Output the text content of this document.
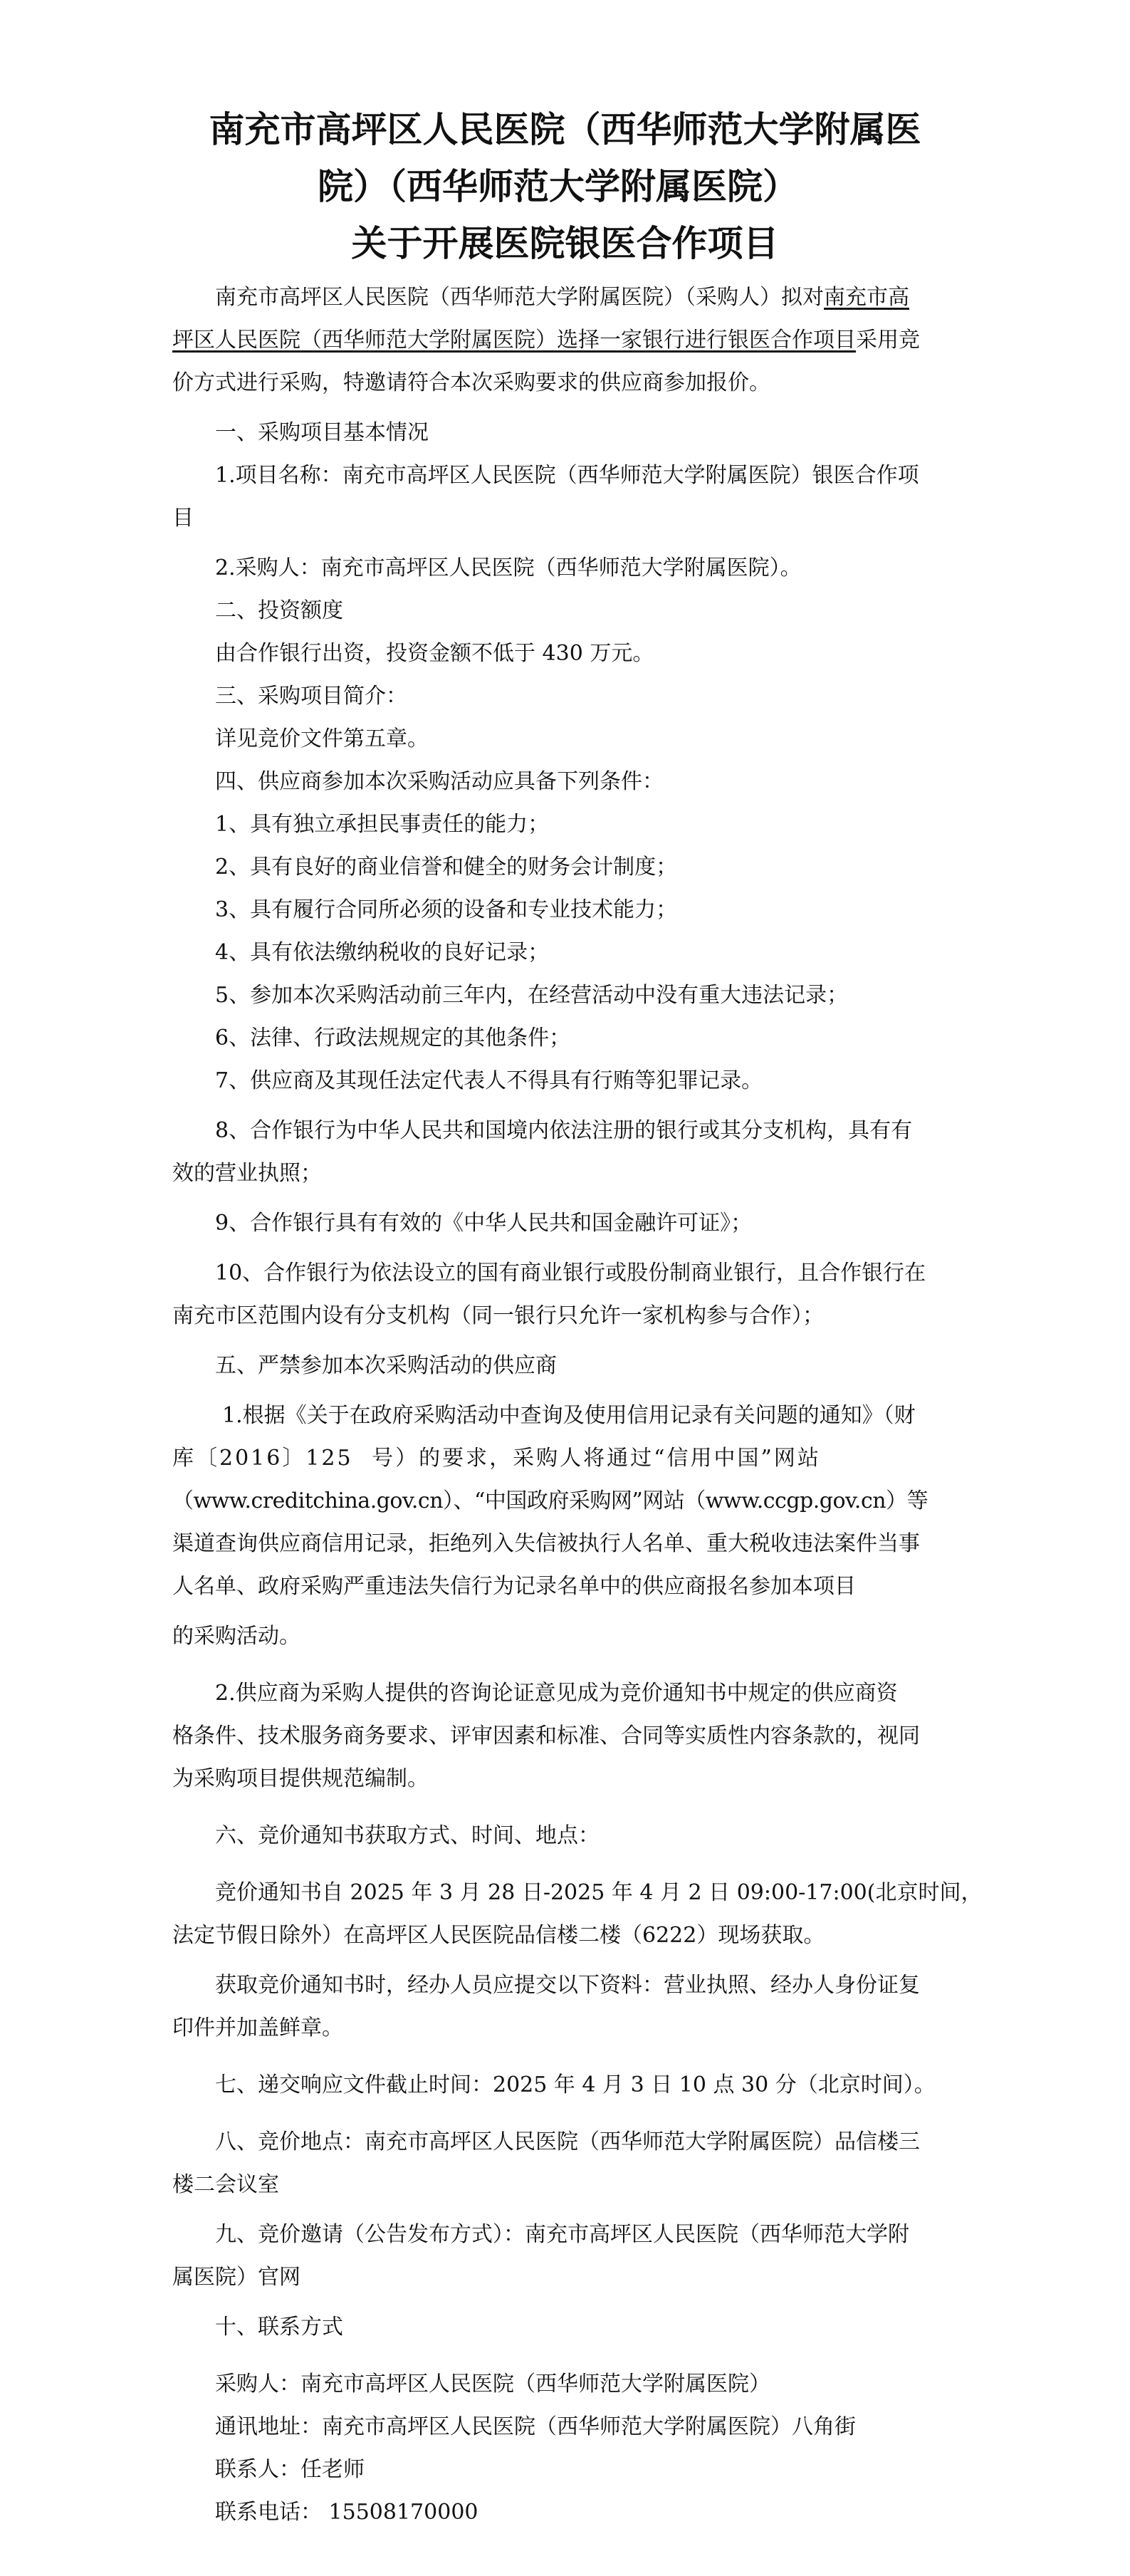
南充市高坪区人民医院（西华师范大学附属医
院）（西华师范大学附属医院）
关于开展医院银医合作项目

南充市高坪区人民医院（西华师范大学附属医院）（采购人）拟对南充市高

坪区人民医院（西华师范大学附属医院）选择一家银行进行银医合作项目采用竞

价方式进行采购，特邀请符合本次采购要求的供应商参加报价。

一、采购项目基本情况

1.项目名称：南充市高坪区人民医院（西华师范大学附属医院）银医合作项

目

2.采购人：南充市高坪区人民医院（西华师范大学附属医院）。

二、投资额度

由合作银行出资，投资金额不低于 430 万元。

三、采购项目简介：

详见竞价文件第五章。

四、供应商参加本次采购活动应具备下列条件：

1、具有独立承担民事责任的能力；

2、具有良好的商业信誉和健全的财务会计制度；

3、具有履行合同所必须的设备和专业技术能力；

4、具有依法缴纳税收的良好记录；

5、参加本次采购活动前三年内，在经营活动中没有重大违法记录；

6、法律、行政法规规定的其他条件；

7、供应商及其现任法定代表人不得具有行贿等犯罪记录。

8、合作银行为中华人民共和国境内依法注册的银行或其分支机构，具有有

效的营业执照；

9、合作银行具有有效的《中华人民共和国金融许可证》；

10、合作银行为依法设立的国有商业银行或股份制商业银行，且合作银行在

南充市区范围内设有分支机构（同一银行只允许一家机构参与合作）；

五、严禁参加本次采购活动的供应商

1.根据《关于在政府采购活动中查询及使用信用记录有关问题的通知》（财

库〔2016〕125 号）的要求，采购人将通过“信用中国”网站

（www.creditchina.gov.cn）、“中国政府采购网”网站（www.ccgp.gov.cn）等

渠道查询供应商信用记录，拒绝列入失信被执行人名单、重大税收违法案件当事

人名单、政府采购严重违法失信行为记录名单中的供应商报名参加本项目

的采购活动。

2.供应商为采购人提供的咨询论证意见成为竞价通知书中规定的供应商资

格条件、技术服务商务要求、评审因素和标准、合同等实质性内容条款的，视同

为采购项目提供规范编制。

六、竞价通知书获取方式、时间、地点：

竞价通知书自 2025 年 3 月 28 日-2025 年 4 月 2 日 09:00-17:00(北京时间，

法定节假日除外）在高坪区人民医院品信楼二楼（6222）现场获取。

获取竞价通知书时，经办人员应提交以下资料：营业执照、经办人身份证复

印件并加盖鲜章。

七、递交响应文件截止时间：2025 年 4 月 3 日 10 点 30 分（北京时间）。

八、竞价地点：南充市高坪区人民医院（西华师范大学附属医院）品信楼三

楼二会议室

九、竞价邀请（公告发布方式）：南充市高坪区人民医院（西华师范大学附

属医院）官网

十、联系方式

采购人：南充市高坪区人民医院（西华师范大学附属医院）

通讯地址：南充市高坪区人民医院（西华师范大学附属医院）八角街

联系人：任老师

联系电话： 15508170000
